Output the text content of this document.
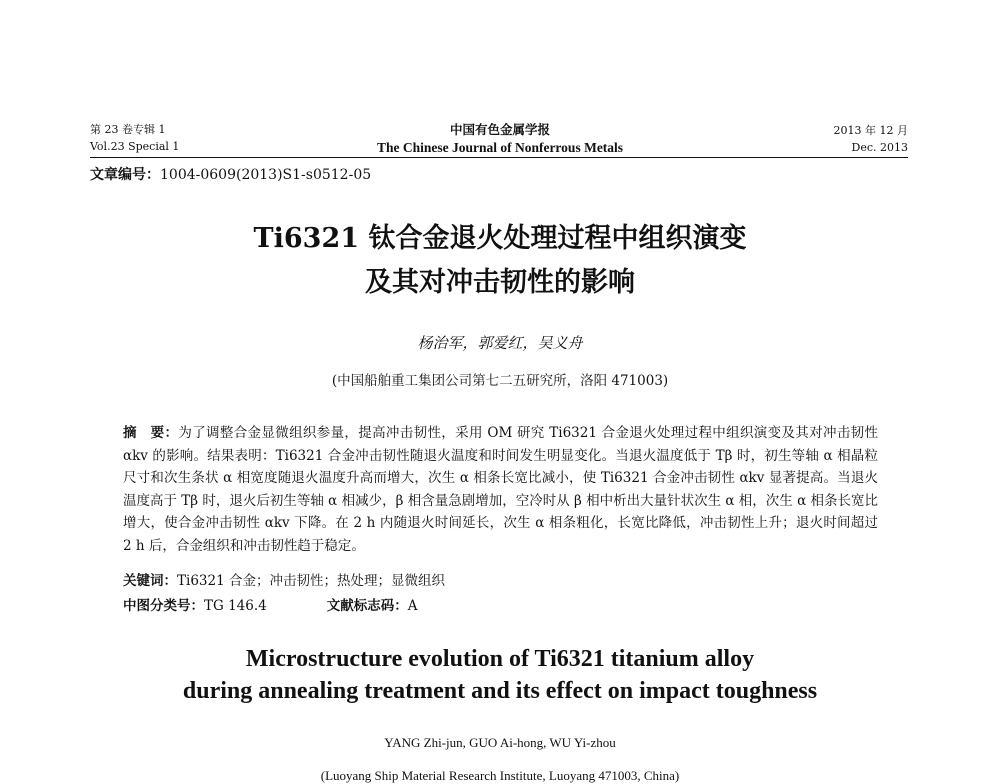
第 23 卷专辑 1
Vol.23 Special 1
中国有色金属学报
The Chinese Journal of Nonferrous Metals
2013 年 12 月
Dec. 2013
文章编号：1004-0609(2013)S1-s0512-05
Ti6321 钛合金退火处理过程中组织演变
及其对冲击韧性的影响
杨治军，郭爱红，吴义舟
(中国船舶重工集团公司第七二五研究所，洛阳 471003)
摘　要：为了调整合金显微组织参量，提高冲击韧性，采用 OM 研究 Ti6321 合金退火处理过程中组织演变及其对冲击韧性 αkv 的影响。结果表明：Ti6321 合金冲击韧性随退火温度和时间发生明显变化。当退火温度低于 Tβ 时，初生等轴 α 相晶粒尺寸和次生条状 α 相宽度随退火温度升高而增大，次生 α 相条长宽比减小，使 Ti6321 合金冲击韧性 αkv 显著提高。当退火温度高于 Tβ 时，退火后初生等轴 α 相减少，β 相含量急剧增加，空冷时从 β 相中析出大量针状次生 α 相，次生 α 相条长宽比增大，使合金冲击韧性 αkv 下降。在 2 h 内随退火时间延长，次生 α 相条粗化，长宽比降低，冲击韧性上升；退火时间超过 2 h 后，合金组织和冲击韧性趋于稳定。
关键词：Ti6321 合金；冲击韧性；热处理；显微组织
中图分类号：TG 146.4	文献标志码：A
Microstructure evolution of Ti6321 titanium alloy
during annealing treatment and its effect on impact toughness
YANG Zhi-jun, GUO Ai-hong, WU Yi-zhou
(Luoyang Ship Material Research Institute, Luoyang 471003, China)
